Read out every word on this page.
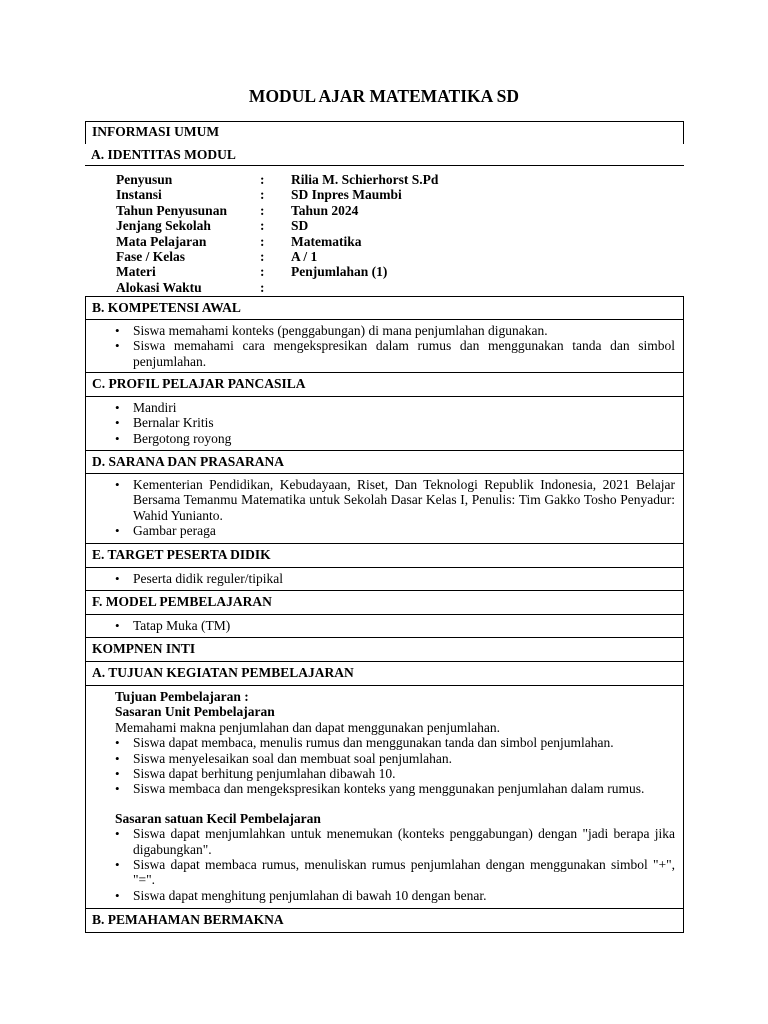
MODUL AJAR MATEMATIKA SD
INFORMASI UMUM
A. IDENTITAS MODUL
Penyusun	:	Rilia M. Schierhorst S.Pd
Instansi	:	SD Inpres Maumbi
Tahun Penyusunan	:	Tahun 2024
Jenjang Sekolah	:	SD
Mata Pelajaran	:	Matematika
Fase / Kelas	:	A / 1
Materi	:	Penjumlahan (1)
Alokasi Waktu	:
B. KOMPETENSI AWAL
• Siswa memahami konteks (penggabungan) di mana penjumlahan digunakan.
• Siswa memahami cara mengekspresikan dalam rumus dan menggunakan tanda dan simbol penjumlahan.
C. PROFIL PELAJAR PANCASILA
• Mandiri
• Bernalar Kritis
• Bergotong royong
D. SARANA DAN PRASARANA
• Kementerian Pendidikan, Kebudayaan, Riset, Dan Teknologi Republik Indonesia, 2021 Belajar Bersama Temanmu Matematika untuk Sekolah Dasar Kelas I, Penulis: Tim Gakko Tosho Penyadur: Wahid Yunianto.
• Gambar peraga
E. TARGET PESERTA DIDIK
• Peserta didik reguler/tipikal
F. MODEL PEMBELAJARAN
• Tatap Muka (TM)
KOMPNEN INTI
A. TUJUAN KEGIATAN PEMBELAJARAN
Tujuan Pembelajaran :
Sasaran Unit Pembelajaran
Memahami makna penjumlahan dan dapat menggunakan penjumlahan.
• Siswa dapat membaca, menulis rumus dan menggunakan tanda dan simbol penjumlahan.
• Siswa menyelesaikan soal dan membuat soal penjumlahan.
• Siswa dapat berhitung penjumlahan dibawah 10.
• Siswa membaca dan mengekspresikan konteks yang menggunakan penjumlahan dalam rumus.
Sasaran satuan Kecil Pembelajaran
• Siswa dapat menjumlahkan untuk menemukan (konteks penggabungan) dengan "jadi berapa jika digabungkan".
• Siswa dapat membaca rumus, menuliskan rumus penjumlahan dengan menggunakan simbol "+", "=".
• Siswa dapat menghitung penjumlahan di bawah 10 dengan benar.
B. PEMAHAMAN BERMAKNA
